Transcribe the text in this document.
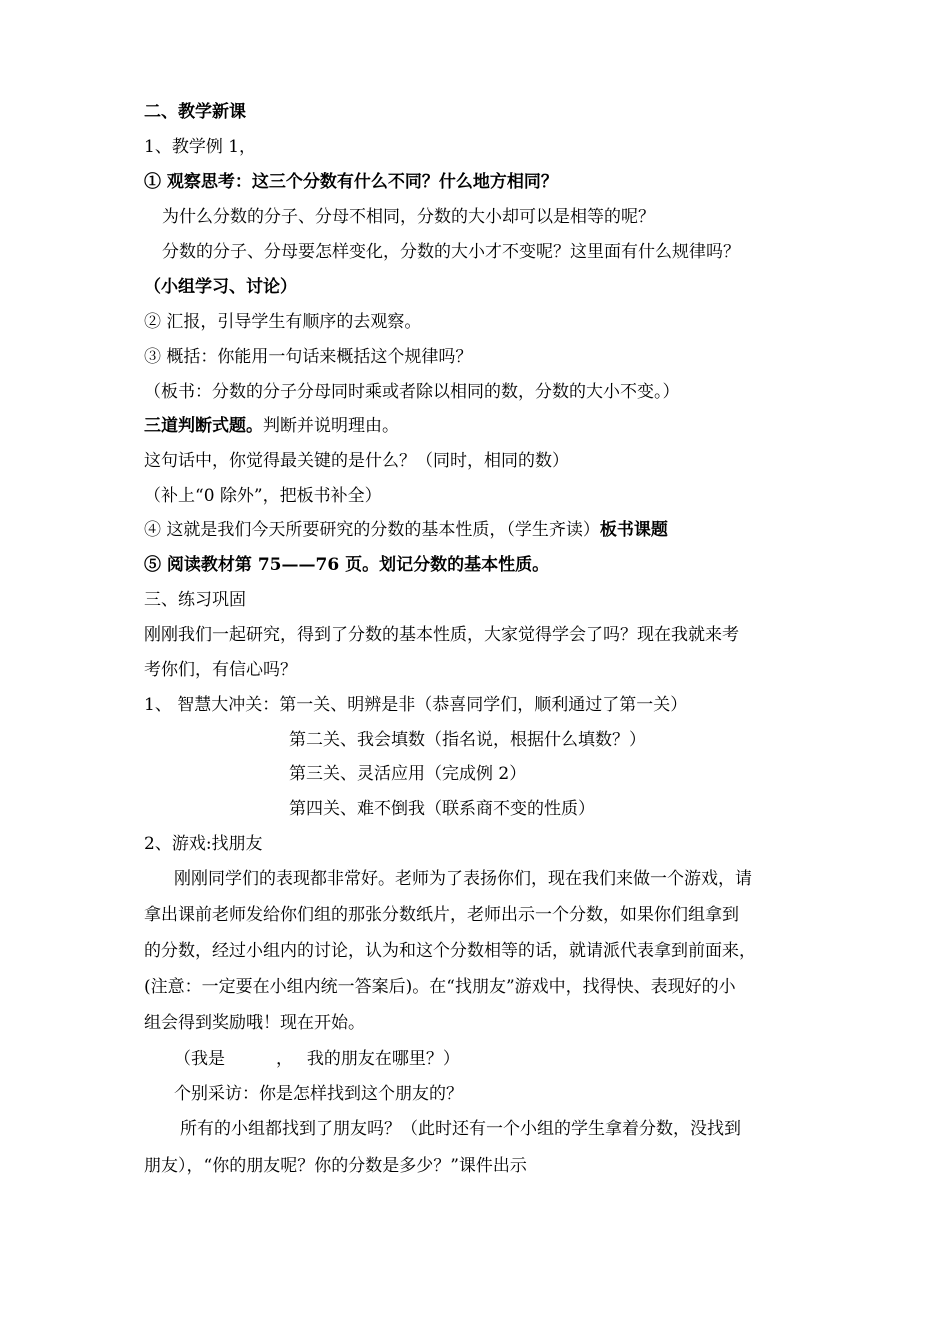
二、教学新课
1、教学例 1，
① 观察思考：这三个分数有什么不同？什么地方相同？
为什么分数的分子、分母不相同，分数的大小却可以是相等的呢？
分数的分子、分母要怎样变化，分数的大小才不变呢？这里面有什么规律吗？
（小组学习、讨论）
② 汇报，引导学生有顺序的去观察。
③ 概括：你能用一句话来概括这个规律吗？
（板书：分数的分子分母同时乘或者除以相同的数，分数的大小不变。）
三道判断式题。判断并说明理由。
这句话中，你觉得最关键的是什么？（同时，相同的数）
（补上“0 除外”，把板书补全）
④ 这就是我们今天所要研究的分数的基本性质，（学生齐读）板书课题
⑤ 阅读教材第 75——76 页。划记分数的基本性质。
三、练习巩固
刚刚我们一起研究，得到了分数的基本性质，大家觉得学会了吗？现在我就来考
考你们，有信心吗？
1、 智慧大冲关：第一关、明辨是非（恭喜同学们，顺利通过了第一关）
第二关、我会填数（指名说，根据什么填数？）
第三关、灵活应用（完成例 2）
第四关、难不倒我（联系商不变的性质）
2、游戏:找朋友
刚刚同学们的表现都非常好。老师为了表扬你们，现在我们来做一个游戏，请
拿出课前老师发给你们组的那张分数纸片，老师出示一个分数，如果你们组拿到
的分数，经过小组内的讨论，认为和这个分数相等的话，就请派代表拿到前面来，
(注意：一定要在小组内统一答案后)。在“找朋友”游戏中，找得快、表现好的小
组会得到奖励哦！现在开始。
（我是　　　，　 我的朋友在哪里？）
个别采访：你是怎样找到这个朋友的？
所有的小组都找到了朋友吗？（此时还有一个小组的学生拿着分数，没找到
朋友），“你的朋友呢？你的分数是多少？”课件出示
